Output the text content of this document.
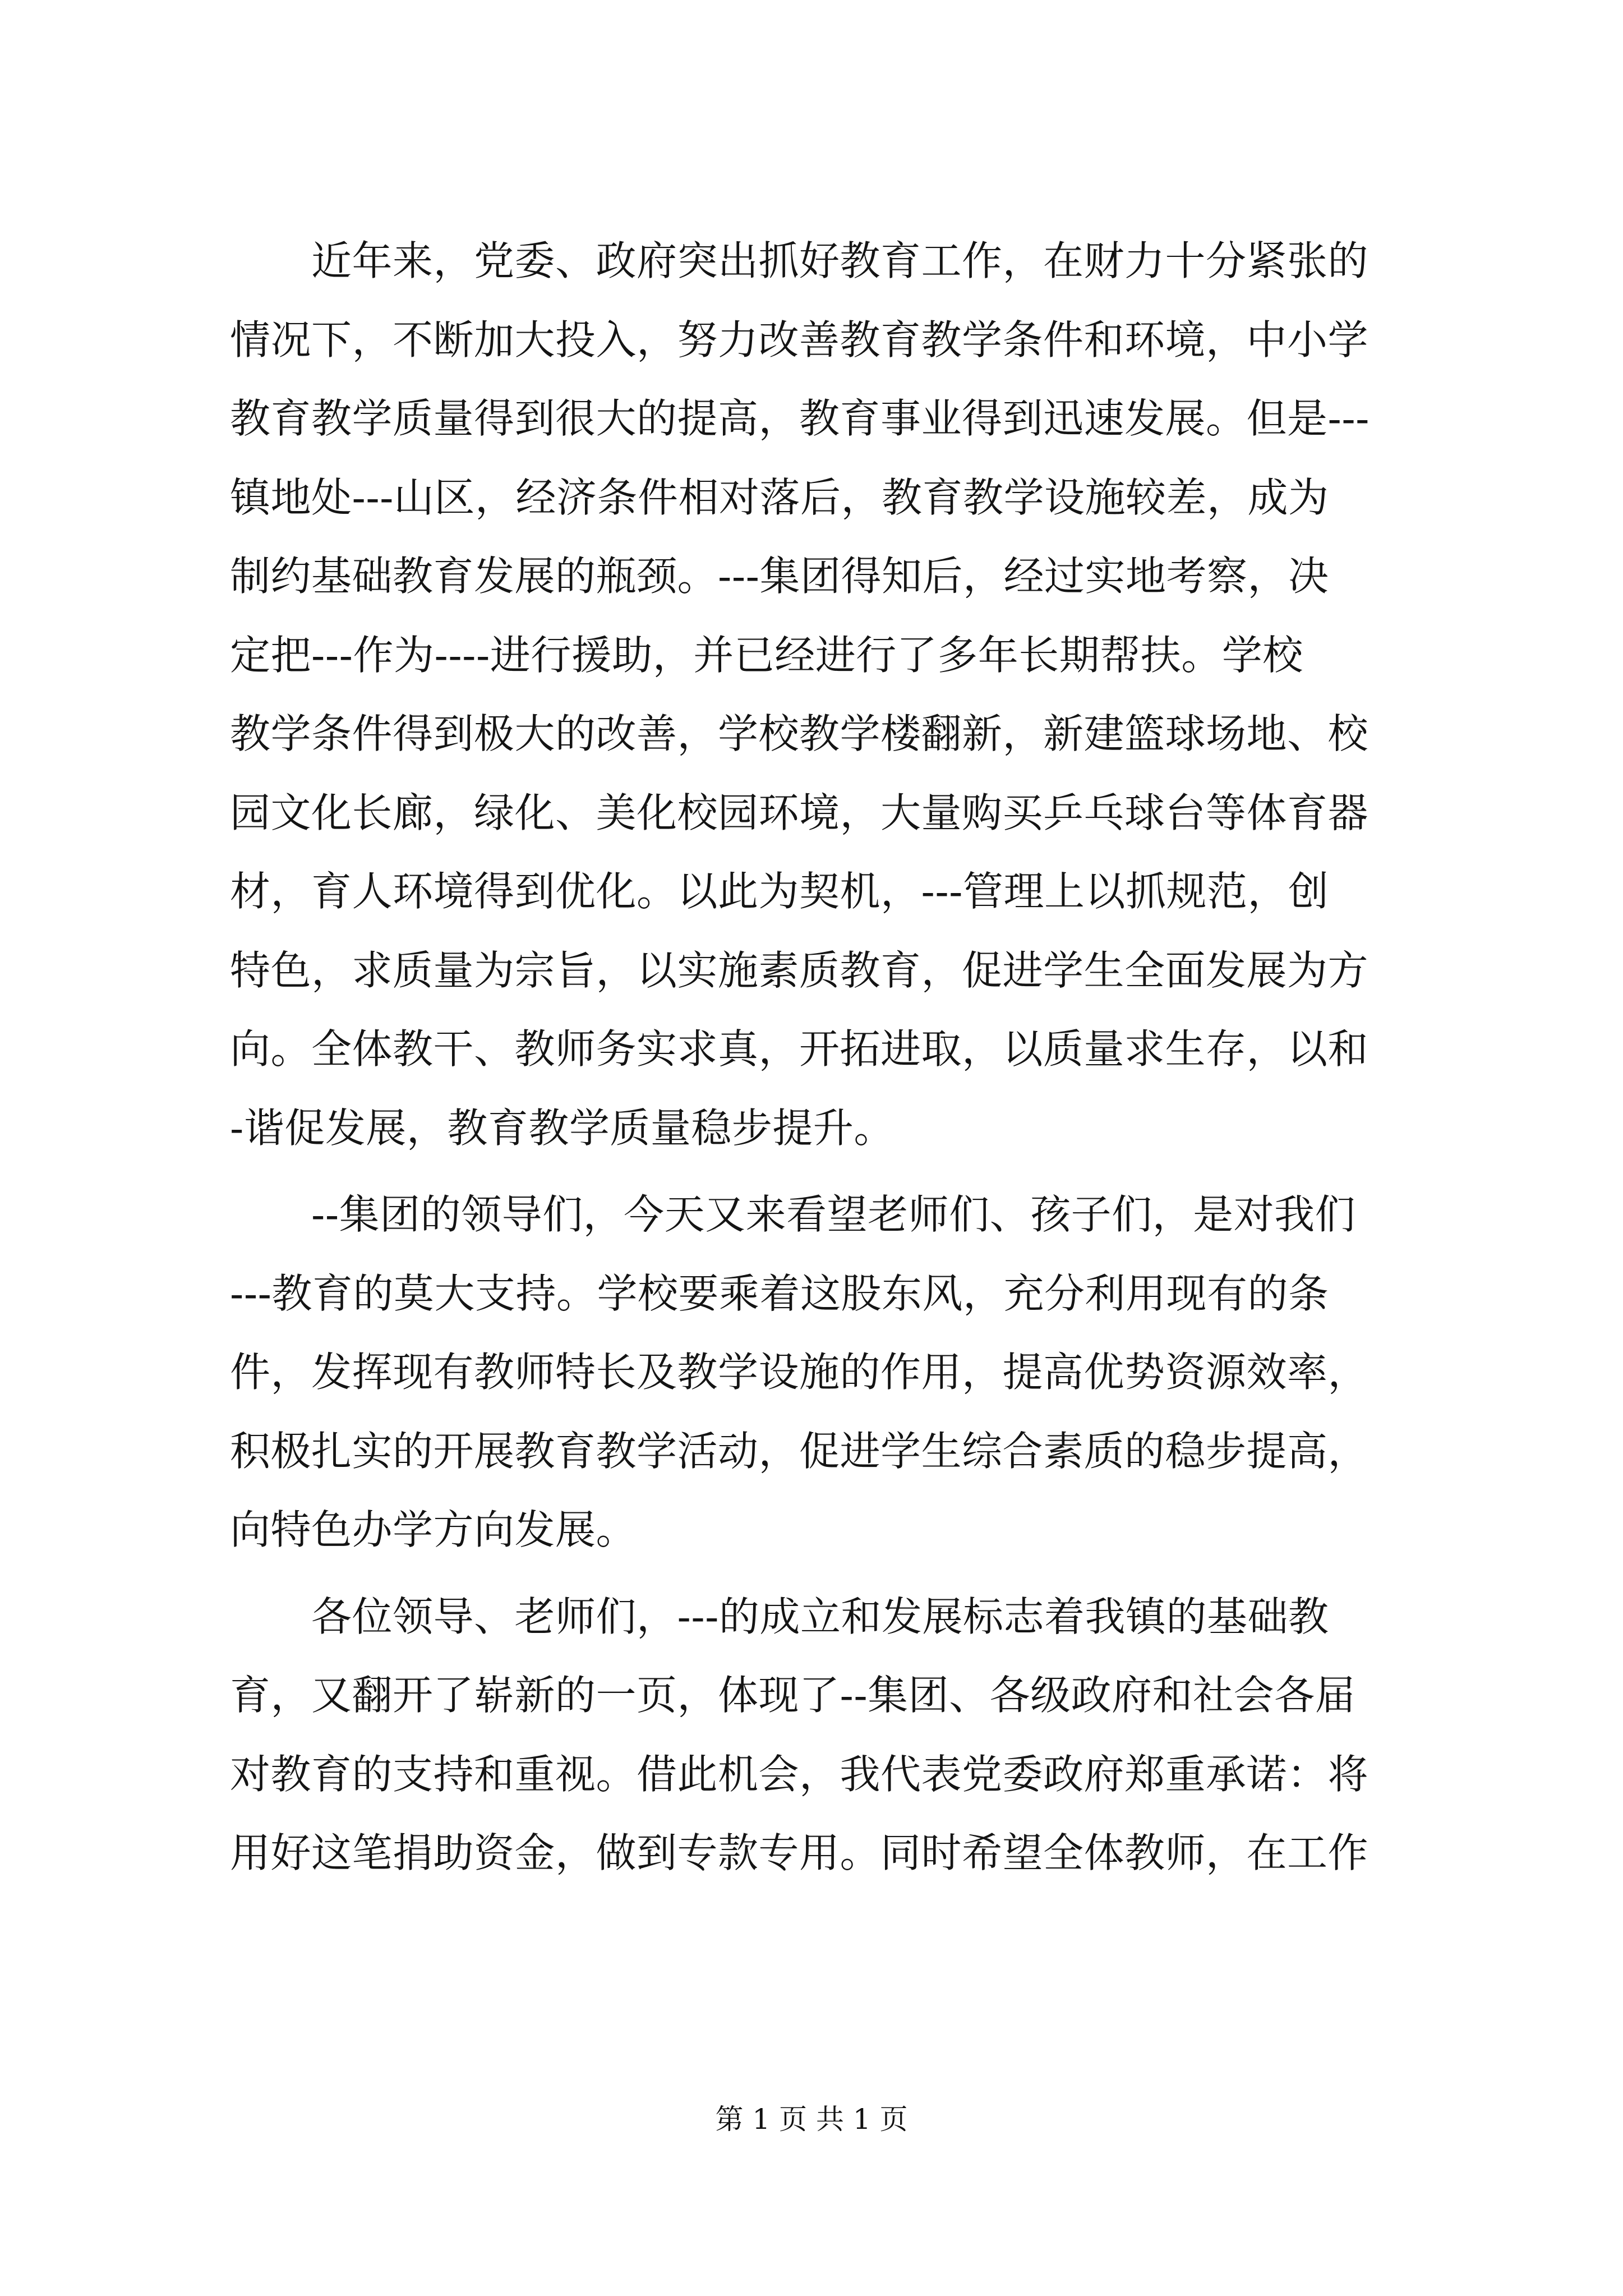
　　近年来，党委、政府突出抓好教育工作，在财力十分紧张的
情况下，不断加大投入，努力改善教育教学条件和环境，中小学
教育教学质量得到很大的提高，教育事业得到迅速发展。但是---
镇地处---山区，经济条件相对落后，教育教学设施较差，成为
制约基础教育发展的瓶颈。---集团得知后，经过实地考察，决
定把---作为----进行援助，并已经进行了多年长期帮扶。学校
教学条件得到极大的改善，学校教学楼翻新，新建篮球场地、校
园文化长廊，绿化、美化校园环境，大量购买乒乓球台等体育器
材，育人环境得到优化。以此为契机，---管理上以抓规范，创
特色，求质量为宗旨，以实施素质教育，促进学生全面发展为方
向。全体教干、教师务实求真，开拓进取，以质量求生存，以和
-谐促发展，教育教学质量稳步提升。
　　--集团的领导们，今天又来看望老师们、孩子们，是对我们
---教育的莫大支持。学校要乘着这股东风，充分利用现有的条
件，发挥现有教师特长及教学设施的作用，提高优势资源效率，
积极扎实的开展教育教学活动，促进学生综合素质的稳步提高，
向特色办学方向发展。
　　各位领导、老师们，---的成立和发展标志着我镇的基础教
育，又翻开了崭新的一页，体现了--集团、各级政府和社会各届
对教育的支持和重视。借此机会，我代表党委政府郑重承诺：将
用好这笔捐助资金，做到专款专用。同时希望全体教师，在工作
第 1 页 共 1 页
